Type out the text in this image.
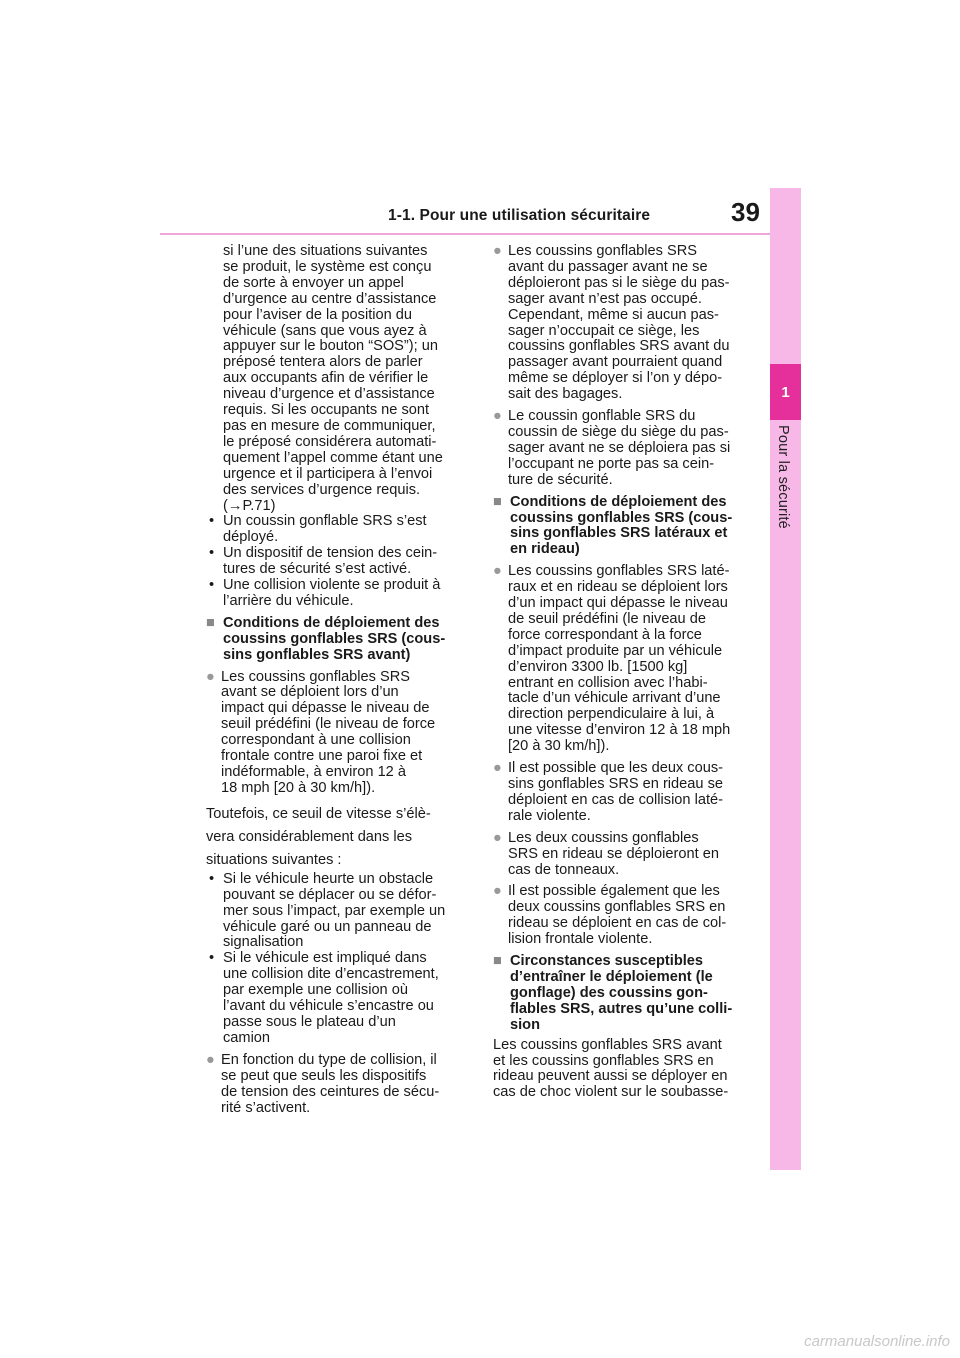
1-1. Pour une utilisation sécuritaire	39
1
Pour la sécurité
si l’une des situations suivantes
se produit, le système est conçu
de sorte à envoyer un appel
d’urgence au centre d’assistance
pour l’aviser de la position du
véhicule (sans que vous ayez à
appuyer sur le bouton “SOS”); un
préposé tentera alors de parler
aux occupants afin de vérifier le
niveau d’urgence et d’assistance
requis. Si les occupants ne sont
pas en mesure de communiquer,
le préposé considérera automati-
quement l’appel comme étant une
urgence et il participera à l’envoi
des services d’urgence requis.
(→P.71)
• Un coussin gonflable SRS s’est
déployé.
• Un dispositif de tension des cein-
tures de sécurité s’est activé.
• Une collision violente se produit à
l’arrière du véhicule.
■ Conditions de déploiement des
coussins gonflables SRS (cous-
sins gonflables SRS avant)
● Les coussins gonflables SRS
avant se déploient lors d’un
impact qui dépasse le niveau de
seuil prédéfini (le niveau de force
correspondant à une collision
frontale contre une paroi fixe et
indéformable, à environ 12 à
18 mph [20 à 30 km/h]).
Toutefois, ce seuil de vitesse s’élè-
vera considérablement dans les
situations suivantes :
• Si le véhicule heurte un obstacle
pouvant se déplacer ou se défor-
mer sous l’impact, par exemple un
véhicule garé ou un panneau de
signalisation
• Si le véhicule est impliqué dans
une collision dite d’encastrement,
par exemple une collision où
l’avant du véhicule s’encastre ou
passe sous le plateau d’un
camion
● En fonction du type de collision, il
se peut que seuls les dispositifs
de tension des ceintures de sécu-
rité s’activent.
● Les coussins gonflables SRS
avant du passager avant ne se
déploieront pas si le siège du pas-
sager avant n’est pas occupé.
Cependant, même si aucun pas-
sager n’occupait ce siège, les
coussins gonflables SRS avant du
passager avant pourraient quand
même se déployer si l’on y dépo-
sait des bagages.
● Le coussin gonflable SRS du
coussin de siège du siège du pas-
sager avant ne se déploiera pas si
l’occupant ne porte pas sa cein-
ture de sécurité.
■ Conditions de déploiement des
coussins gonflables SRS (cous-
sins gonflables SRS latéraux et
en rideau)
● Les coussins gonflables SRS laté-
raux et en rideau se déploient lors
d’un impact qui dépasse le niveau
de seuil prédéfini (le niveau de
force correspondant à la force
d’impact produite par un véhicule
d’environ 3300 lb. [1500 kg]
entrant en collision avec l’habi-
tacle d’un véhicule arrivant d’une
direction perpendiculaire à lui, à
une vitesse d’environ 12 à 18 mph
[20 à 30 km/h]).
● Il est possible que les deux cous-
sins gonflables SRS en rideau se
déploient en cas de collision laté-
rale violente.
● Les deux coussins gonflables
SRS en rideau se déploieront en
cas de tonneaux.
● Il est possible également que les
deux coussins gonflables SRS en
rideau se déploient en cas de col-
lision frontale violente.
■ Circonstances susceptibles
d’entraîner le déploiement (le
gonflage) des coussins gon-
flables SRS, autres qu’une colli-
sion
Les coussins gonflables SRS avant
et les coussins gonflables SRS en
rideau peuvent aussi se déployer en
cas de choc violent sur le soubasse-
carmanualsonline.info
